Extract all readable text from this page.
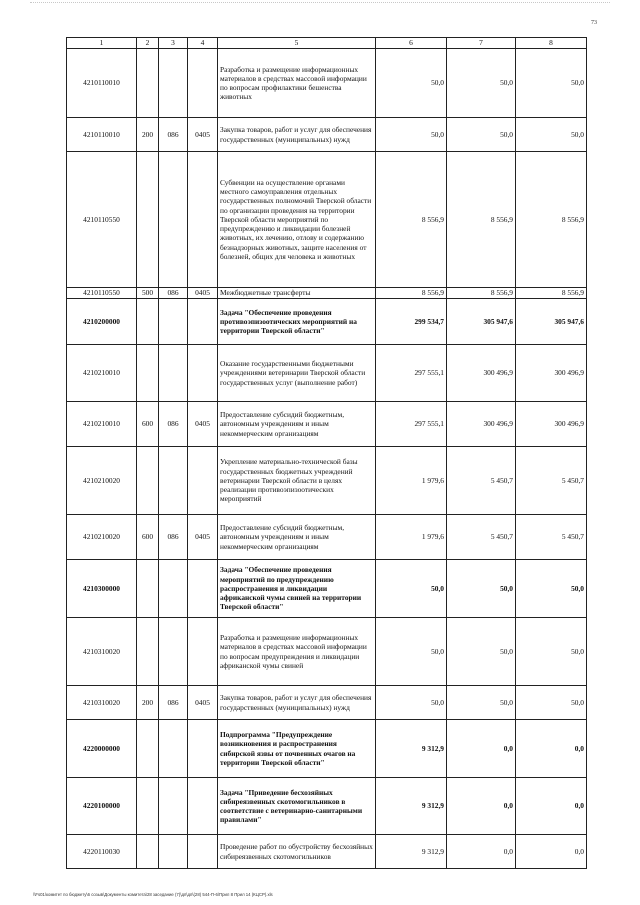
73
1	2	3	4	5	6	7	8
4210110010				Разработка и размещение информационных материалов в средствах массовой информации по вопросам профилактики бешенства животных	50,0	50,0	50,0
4210110010	200	086	0405	Закупка товаров, работ и услуг для обеспечения государственных (муниципальных) нужд	50,0	50,0	50,0
4210110550				Субвенции на осуществление органами местного самоуправления отдельных государственных полномочий Тверской области по организации проведения на территории Тверской области мероприятий по предупреждению и ликвидации болезней животных, их лечению, отлову и содержанию безнадзорных животных, защите населения от болезней, общих для человека и животных	8 556,9	8 556,9	8 556,9
4210110550	500	086	0405	Межбюджетные трансферты	8 556,9	8 556,9	8 556,9
4210200000				Задача "Обеспечение проведения противоэпизоотических мероприятий на территории Тверской области"	299 534,7	305 947,6	305 947,6
4210210010				Оказание государственными бюджетными учреждениями ветеринарии Тверской области государственных услуг (выполнение работ)	297 555,1	300 496,9	300 496,9
4210210010	600	086	0405	Предоставление субсидий бюджетным, автономным учреждениям и иным некоммерческим организациям	297 555,1	300 496,9	300 496,9
4210210020				Укрепление материально-технической базы государственных бюджетных учреждений ветеринарии Тверской области в целях реализации противоэпизоотических мероприятий	1 979,6	5 450,7	5 450,7
4210210020	600	086	0405	Предоставление субсидий бюджетным, автономным учреждениям и иным некоммерческим организациям	1 979,6	5 450,7	5 450,7
4210300000				Задача "Обеспечение проведения мероприятий по предупреждению распространения и ликвидации африканской чумы свиней на территории Тверской области"	50,0	50,0	50,0
4210310020				Разработка и размещение информационных материалов в средствах массовой информации по вопросам предупреждения и ликвидации африканской чумы свиней	50,0	50,0	50,0
4210310020	200	086	0405	Закупка товаров, работ и услуг для обеспечения государственных (муниципальных) нужд	50,0	50,0	50,0
4220000000				Подпрограмма "Предупреждение возникновения и распространения сибирской язвы от почвенных очагов на территории Тверской области"	9 312,9	0,0	0,0
4220100000				Задача "Приведение бесхозяйных сибиреязвенных скотомогильников в соответствие с ветеринарно-санитарными правилами"	9 312,9	0,0	0,0
4220110030				Проведение работ по обустройству бесхозяйных сибиреязвенных скотомогильников	9 312,9	0,0	0,0
\\Fs01\комитет по бюджету\6 созыв\Документы комитета\28 заседание (7)\дп\дп\(28) 544-П-6\Прил 8 Прил 14 (КЦСР).xls
